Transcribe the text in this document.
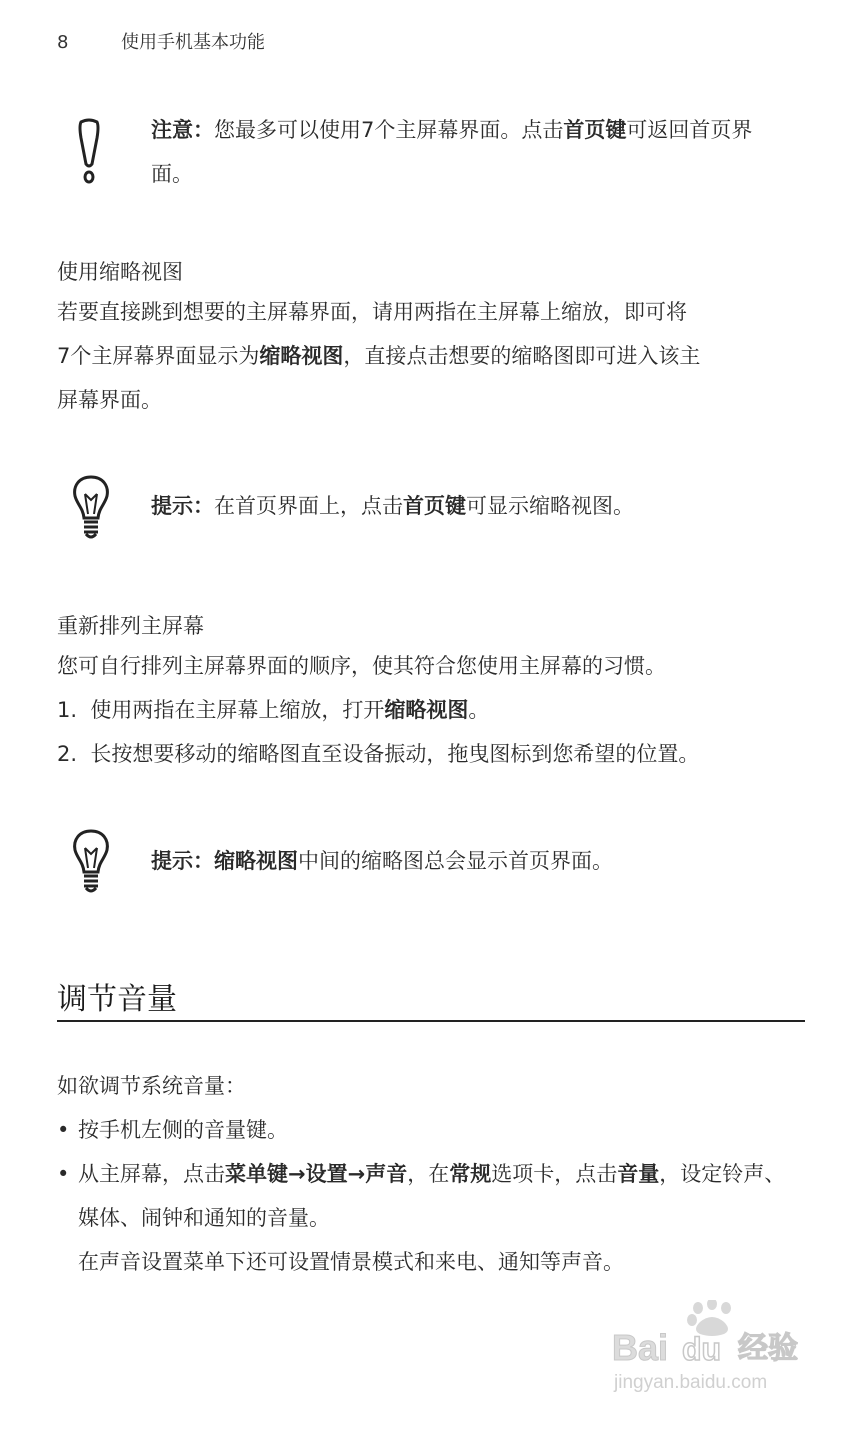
8	使用手机基本功能
注意：您最多可以使用7个主屏幕界面。点击首页键可返回首页界面。
使用缩略视图
若要直接跳到想要的主屏幕界面，请用两指在主屏幕上缩放，即可将
7个主屏幕界面显示为缩略视图，直接点击想要的缩略图即可进入该主
屏幕界面。
提示：在首页界面上，点击首页键可显示缩略视图。
重新排列主屏幕
您可自行排列主屏幕界面的顺序，使其符合您使用主屏幕的习惯。
1. 使用两指在主屏幕上缩放，打开缩略视图。
2. 长按想要移动的缩略图直至设备振动，拖曳图标到您希望的位置。
提示：缩略视图中间的缩略图总会显示首页界面。
调节音量
如欲调节系统音量：
• 按手机左侧的音量键。
• 从主屏幕，点击菜单键→设置→声音，在常规选项卡，点击音量，设定铃声、媒体、闹钟和通知的音量。
在声音设置菜单下还可设置情景模式和来电、通知等声音。
Bai du 经验
jingyan.baidu.com
